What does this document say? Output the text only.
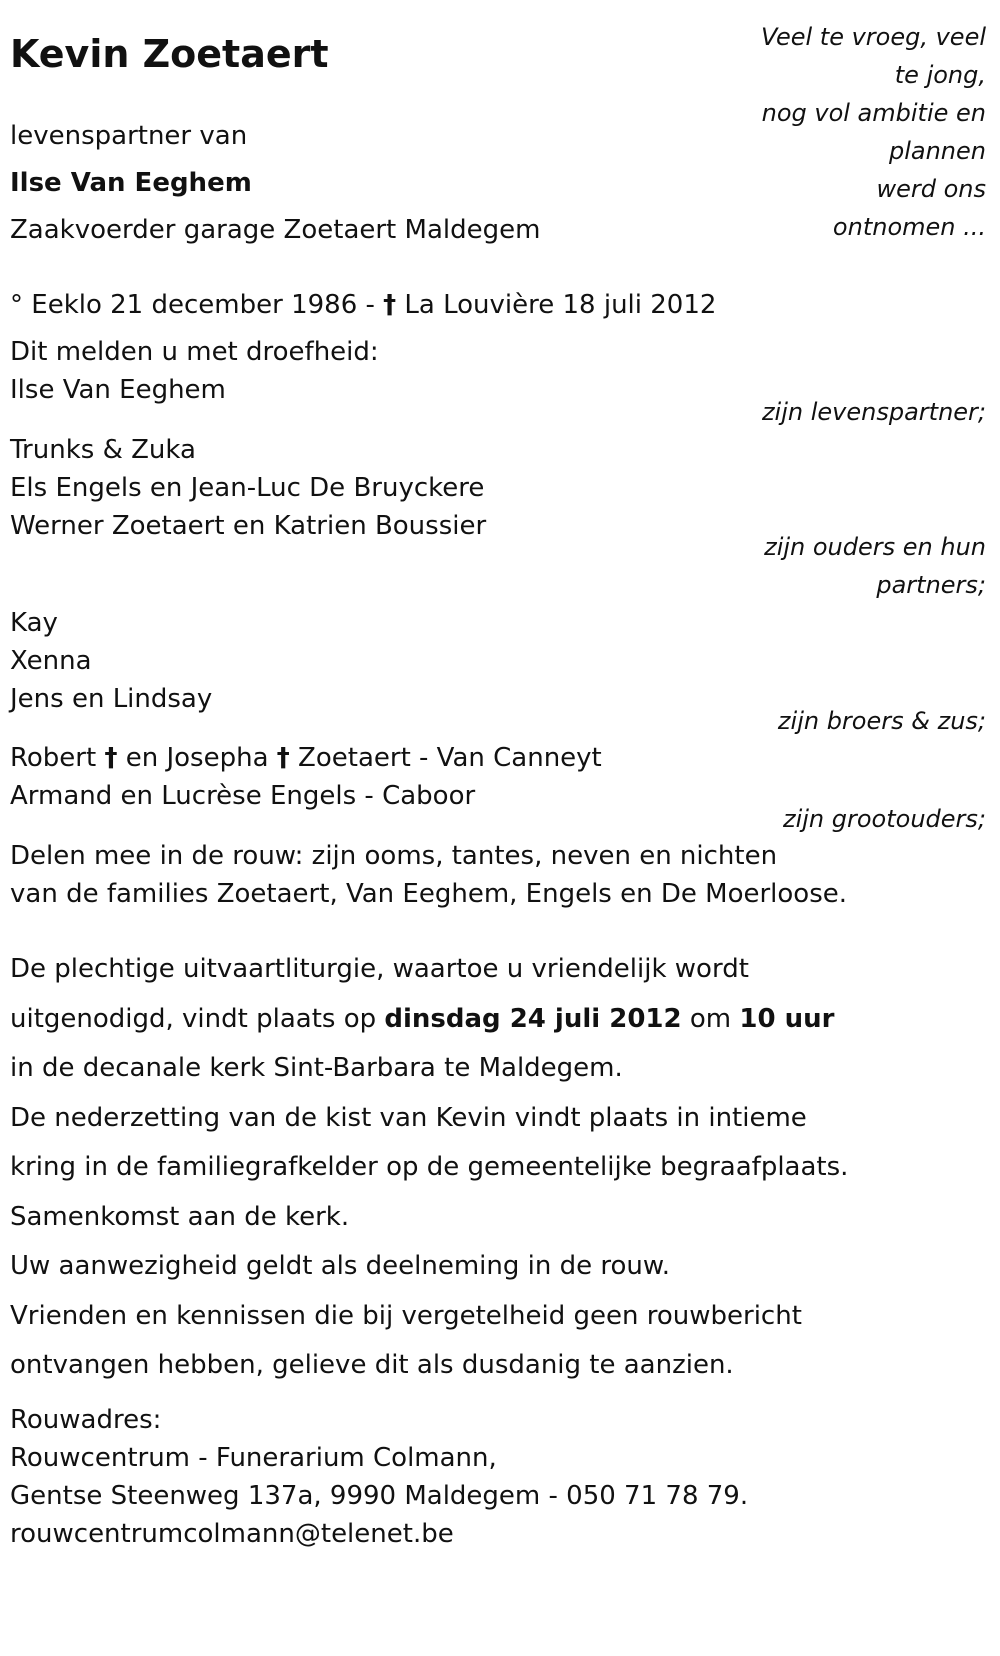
Kevin Zoetaert
levenspartner van
Ilse Van Eeghem
Zaakvoerder garage Zoetaert Maldegem
Veel te vroeg, veel
te jong,
nog vol ambitie en
plannen
werd ons
ontnomen ...
° Eeklo 21 december 1986 - † La Louvière 18 juli 2012
Dit melden u met droefheid:
Ilse Van Eeghem
zijn levenspartner;
Trunks & Zuka
Els Engels en Jean-Luc De Bruyckere
Werner Zoetaert en Katrien Boussier
zijn ouders en hun
partners;
Kay
Xenna
Jens en Lindsay
zijn broers & zus;
Robert † en Josepha † Zoetaert - Van Canneyt
Armand en Lucrèse Engels - Caboor
zijn grootouders;
Delen mee in de rouw: zijn ooms, tantes, neven en nichten
van de families Zoetaert, Van Eeghem, Engels en De Moerloose.
De plechtige uitvaartliturgie, waartoe u vriendelijk wordt
uitgenodigd, vindt plaats op dinsdag 24 juli 2012 om 10 uur
in de decanale kerk Sint-Barbara te Maldegem.
De nederzetting van de kist van Kevin vindt plaats in intieme
kring in de familiegrafkelder op de gemeentelijke begraafplaats.
Samenkomst aan de kerk.
Uw aanwezigheid geldt als deelneming in de rouw.
Vrienden en kennissen die bij vergetelheid geen rouwbericht
ontvangen hebben, gelieve dit als dusdanig te aanzien.
Rouwadres:
Rouwcentrum - Funerarium Colmann,
Gentse Steenweg 137a, 9990 Maldegem - 050 71 78 79.
rouwcentrumcolmann@telenet.be
